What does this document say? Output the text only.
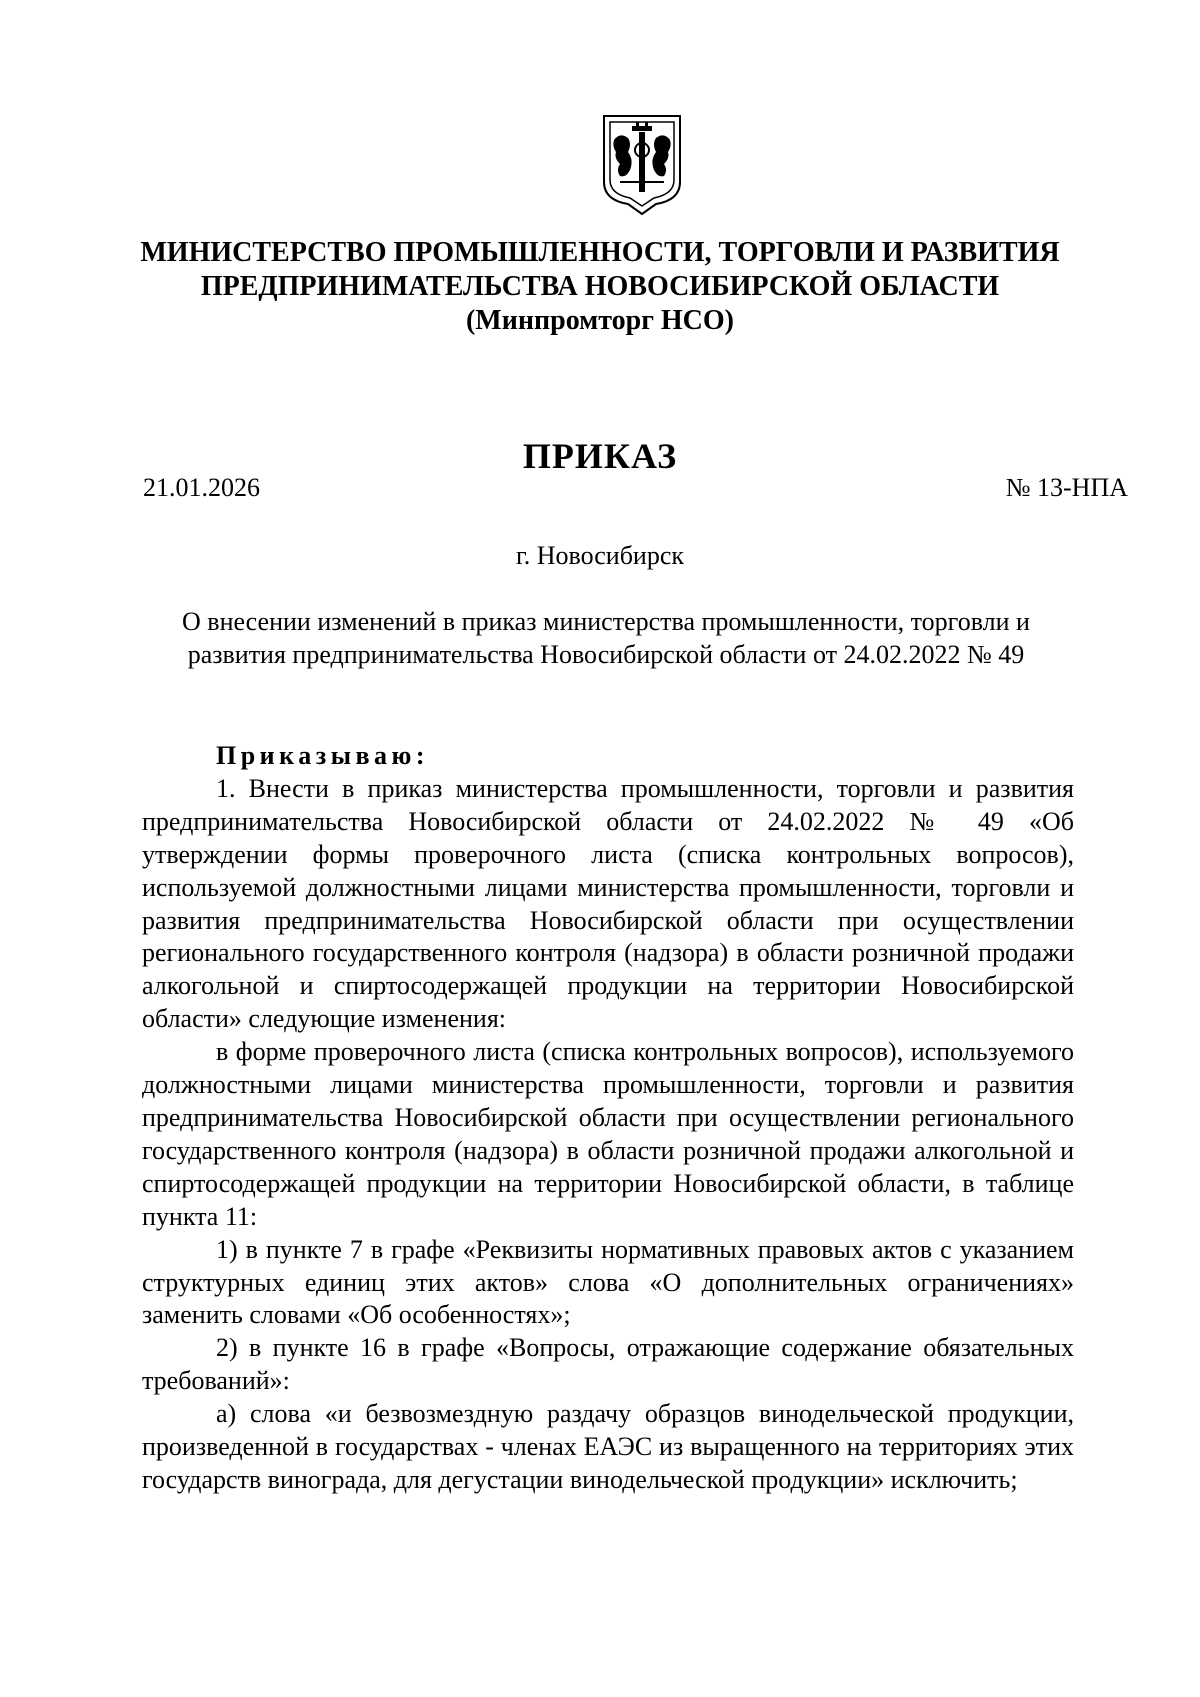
МИНИСТЕРСТВО ПРОМЫШЛЕННОСТИ, ТОРГОВЛИ И РАЗВИТИЯ
ПРЕДПРИНИМАТЕЛЬСТВА НОВОСИБИРСКОЙ ОБЛАСТИ
(Минпромторг НСО)
ПРИКАЗ
21.01.2026	№ 13-НПА
г. Новосибирск
О внесении изменений в приказ министерства промышленности, торговли и
развития предпринимательства Новосибирской области от 24.02.2022 № 49

Приказываю:

1. Внести в приказ министерства промышленности, торговли и развития предпринимательства Новосибирской области от 24.02.2022 № 49 «Об утверждении формы проверочного листа (списка контрольных вопросов), используемой должностными лицами министерства промышленности, торговли и развития предпринимательства Новосибирской области при осуществлении регионального государственного контроля (надзора) в области розничной продажи алкогольной и спиртосодержащей продукции на территории Новосибирской области» следующие изменения:

в форме проверочного листа (списка контрольных вопросов), используемого должностными лицами министерства промышленности, торговли и развития предпринимательства Новосибирской области при осуществлении регионального государственного контроля (надзора) в области розничной продажи алкогольной и спиртосодержащей продукции на территории Новосибирской области, в таблице пункта 11:

1) в пункте 7 в графе «Реквизиты нормативных правовых актов с указанием структурных единиц этих актов» слова «О дополнительных ограничениях» заменить словами «Об особенностях»;

2) в пункте 16 в графе «Вопросы, отражающие содержание обязательных требований»:

а) слова «и безвозмездную раздачу образцов винодельческой продукции, произведенной в государствах - членах ЕАЭС из выращенного на территориях этих государств винограда, для дегустации винодельческой продукции» исключить;
